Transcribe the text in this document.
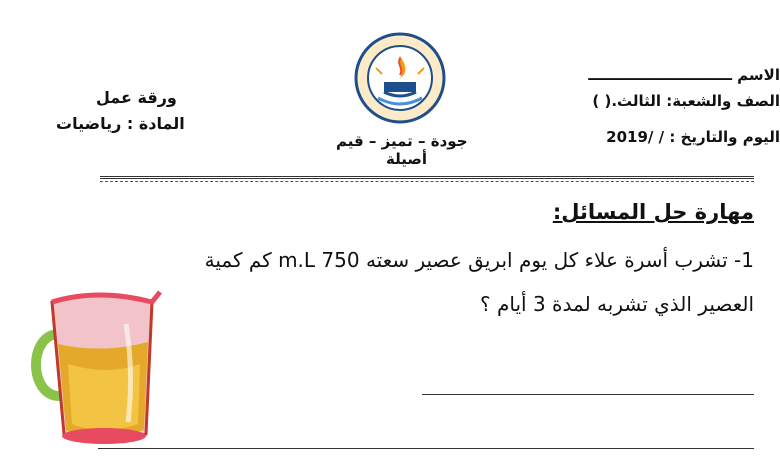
الاسم ــــــــــــــــــــــــــــ
الصف والشعبة: الثالث.( )
اليوم والتاريخ : / /2019
ورقة عمل
المادة : رياضيات
جودة – تميز – قيم
أصيلة
مهارة حل المسائل:
1- تشرب أسرة علاء كل يوم ابريق عصير سعته 750 m.L كم كمية
العصير الذي تشربه لمدة 3 أيام ؟
